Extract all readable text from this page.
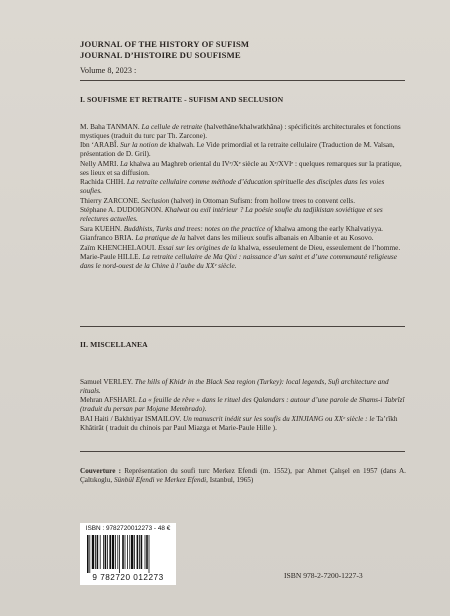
JOURNAL OF THE HISTORY OF SUFISM
JOURNAL D’HISTOIRE DU SOUFISME
Volume 8, 2023 :
I. SOUFISME ET RETRAITE - SUFISM AND SECLUSION
M. Baha TANMAN. La cellule de retraite (halvethâne/khalwatkhâna) : spécificités architecturales et fonctions mystiques (traduit du turc par Th. Zarcone).
Ibn ‘ARABÎ. Sur la notion de khalwah. Le Vide primordial et la retraite cellulaire (Traduction de M. Valsan, présentation de D. Gril).
Nelly AMRI. La khalwa au Maghreb oriental du IVᵉ/Xᵉ siècle au Xᵉ/XVIᵉ : quelques remarques sur la pratique, ses lieux et sa diffusion.
Rachida CHIH. La retraite cellulaire comme méthode d’éducation spirituelle des disciples dans les voies soufies.
Thierry ZARCONE. Seclusion (halvet) in Ottoman Sufism: from hollow trees to convent cells.
Stéphane A. DUDOIGNON. Khalwat ou exil intérieur ? La poésie soufie du tadjikistan soviétique et ses relectures actuelles.
Sara KUEHN. Buddhists, Turks and trees: notes on the practice of khalwa among the early Khalvatiyya.
Gianfranco BRIA. La pratique de la halvet dans les milieux soufis albanais en Albanie et au Kosovo.
Zaïm KHENCHELAOUI. Essai sur les origines de la khalwa, esseulement de Dieu, esseulement de l’homme.
Marie-Paule HILLE. La retraite cellulaire de Ma Qixi : naissance d’un saint et d’une communauté religieuse dans le nord-ouest de la Chine à l’aube du XXᵉ siècle.
II. MISCELLANEA
Samuel VERLEY. The hills of Khidr in the Black Sea region (Turkey): local legends, Sufi architecture and rituals.
Mehran AFSHARI. La « feuille de rêve » dans le rituel des Qalandars : autour d’une parole de Shams-i Tabrîzî (traduit du persan par Mojane Membrado).
BAI Haiti / Bakhtiyar ISMAILOV. Un manuscrit inédit sur les soufis du XINJIANG ou XXᵉ siècle : le Ta’rîkh Khâtirât ( traduit du chinois par Paul Miazga et Marie-Paule Hille ).
Couverture : Représentation du soufi turc Merkez Efendi (m. 1552), par Ahmet Çalışel en 1957 (dans A. Çaltıkoglu, Sünbül Efendi ve Merkez Efendi, Istanbul, 1965)
ISBN : 9782720012273 - 48 €
9 782720 012273	ISBN 978-2-7200-1227-3
